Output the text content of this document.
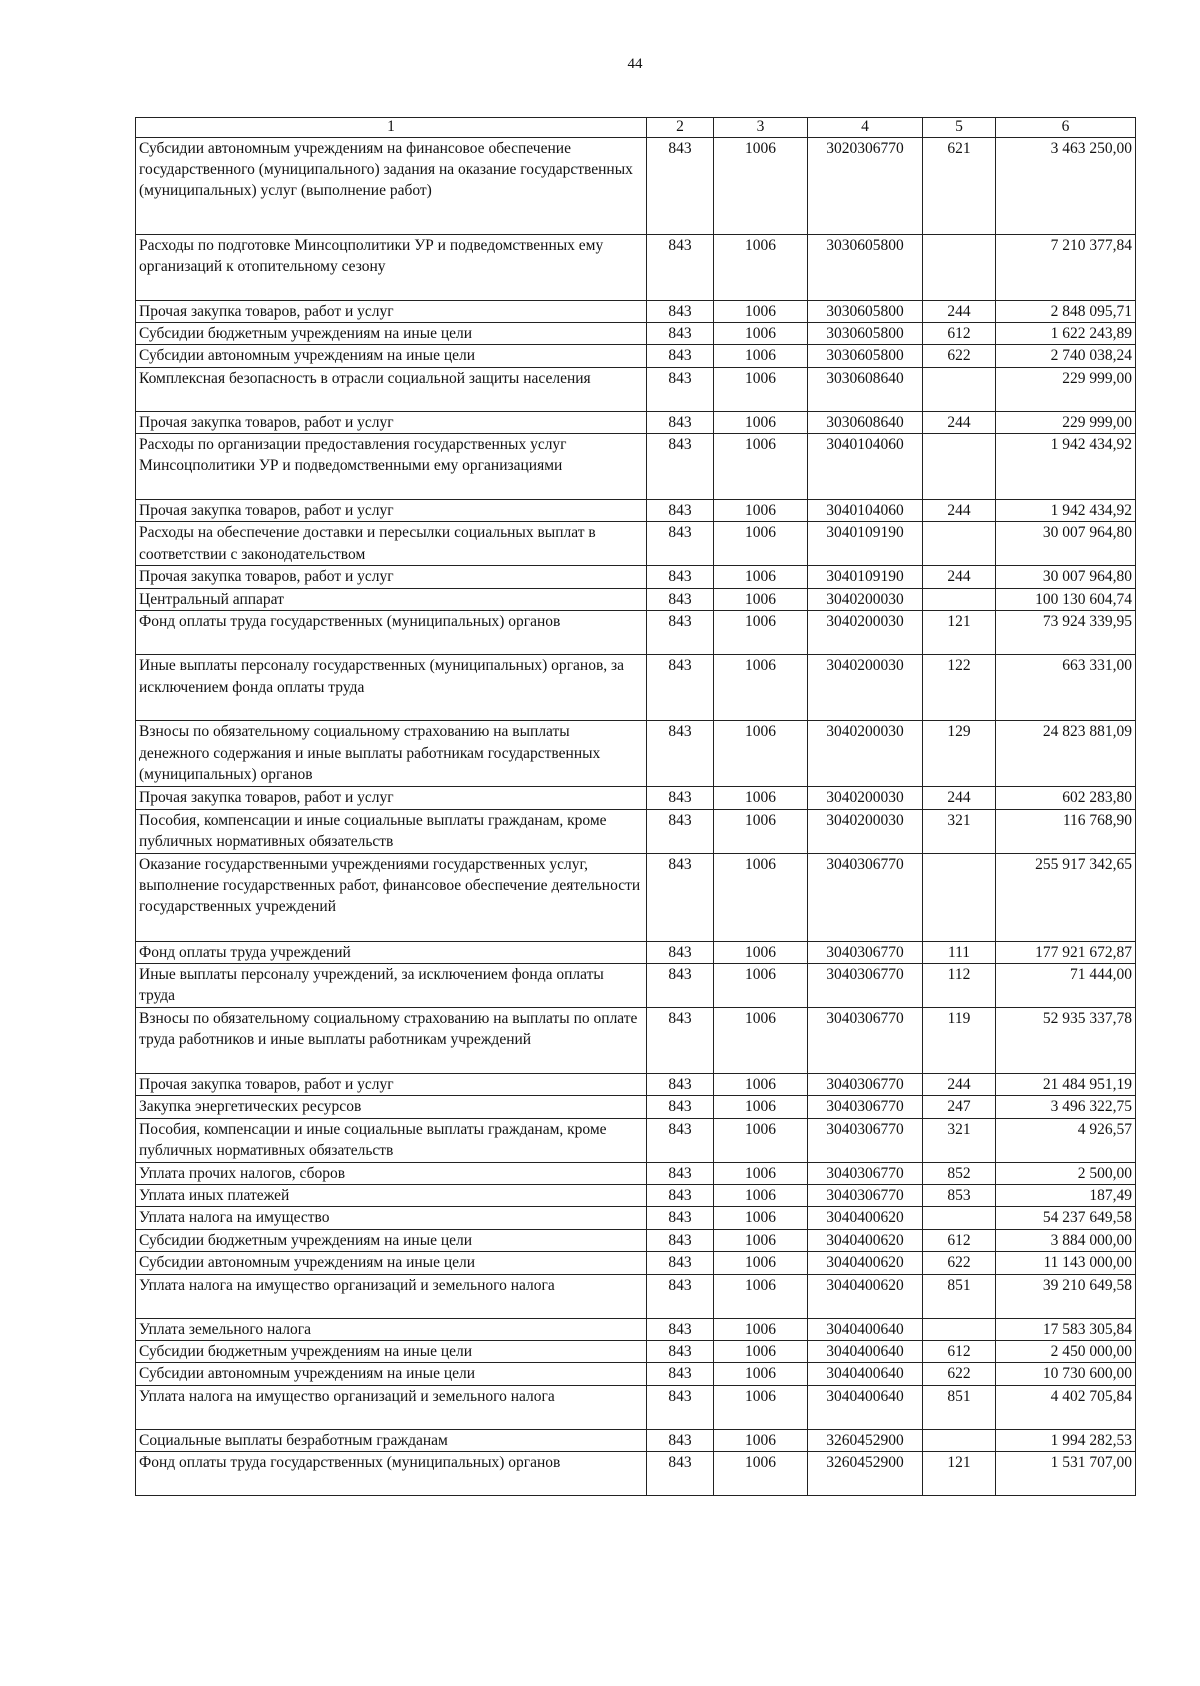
44
1	2	3	4	5	6
Субсидии автономным учреждениям на финансовое обеспечение государственного (муниципального) задания на оказание государственных (муниципальных) услуг (выполнение работ)	843	1006	3020306770	621	3 463 250,00
Расходы по подготовке Минсоцполитики УР и подведомственных ему организаций к отопительному сезону	843	1006	3030605800		7 210 377,84
Прочая закупка товаров, работ и услуг	843	1006	3030605800	244	2 848 095,71
Субсидии бюджетным учреждениям на иные цели	843	1006	3030605800	612	1 622 243,89
Субсидии автономным учреждениям на иные цели	843	1006	3030605800	622	2 740 038,24
Комплексная безопасность в отрасли социальной защиты населения	843	1006	3030608640		229 999,00
Прочая закупка товаров, работ и услуг	843	1006	3030608640	244	229 999,00
Расходы по организации предоставления государственных услуг Минсоцполитики УР и подведомственными ему организациями	843	1006	3040104060		1 942 434,92
Прочая закупка товаров, работ и услуг	843	1006	3040104060	244	1 942 434,92
Расходы на обеспечение доставки и пересылки социальных выплат в соответствии с законодательством	843	1006	3040109190		30 007 964,80
Прочая закупка товаров, работ и услуг	843	1006	3040109190	244	30 007 964,80
Центральный аппарат	843	1006	3040200030		100 130 604,74
Фонд оплаты труда государственных (муниципальных) органов	843	1006	3040200030	121	73 924 339,95
Иные выплаты персоналу государственных (муниципальных) органов, за исключением фонда оплаты труда	843	1006	3040200030	122	663 331,00
Взносы по обязательному социальному страхованию на выплаты денежного содержания и иные выплаты работникам государственных (муниципальных) органов	843	1006	3040200030	129	24 823 881,09
Прочая закупка товаров, работ и услуг	843	1006	3040200030	244	602 283,80
Пособия, компенсации и иные социальные выплаты гражданам, кроме публичных нормативных обязательств	843	1006	3040200030	321	116 768,90
Оказание государственными учреждениями государственных услуг, выполнение государственных работ, финансовое обеспечение деятельности государственных учреждений	843	1006	3040306770		255 917 342,65
Фонд оплаты труда учреждений	843	1006	3040306770	111	177 921 672,87
Иные выплаты персоналу учреждений, за исключением фонда оплаты труда	843	1006	3040306770	112	71 444,00
Взносы по обязательному социальному страхованию на выплаты по оплате труда работников и иные выплаты работникам учреждений	843	1006	3040306770	119	52 935 337,78
Прочая закупка товаров, работ и услуг	843	1006	3040306770	244	21 484 951,19
Закупка энергетических ресурсов	843	1006	3040306770	247	3 496 322,75
Пособия, компенсации и иные социальные выплаты гражданам, кроме публичных нормативных обязательств	843	1006	3040306770	321	4 926,57
Уплата прочих налогов, сборов	843	1006	3040306770	852	2 500,00
Уплата иных платежей	843	1006	3040306770	853	187,49
Уплата налога на имущество	843	1006	3040400620		54 237 649,58
Субсидии бюджетным учреждениям на иные цели	843	1006	3040400620	612	3 884 000,00
Субсидии автономным учреждениям на иные цели	843	1006	3040400620	622	11 143 000,00
Уплата налога на имущество организаций и земельного налога	843	1006	3040400620	851	39 210 649,58
Уплата земельного налога	843	1006	3040400640		17 583 305,84
Субсидии бюджетным учреждениям на иные цели	843	1006	3040400640	612	2 450 000,00
Субсидии автономным учреждениям на иные цели	843	1006	3040400640	622	10 730 600,00
Уплата налога на имущество организаций и земельного налога	843	1006	3040400640	851	4 402 705,84
Социальные выплаты безработным гражданам	843	1006	3260452900		1 994 282,53
Фонд оплаты труда государственных (муниципальных) органов	843	1006	3260452900	121	1 531 707,00
